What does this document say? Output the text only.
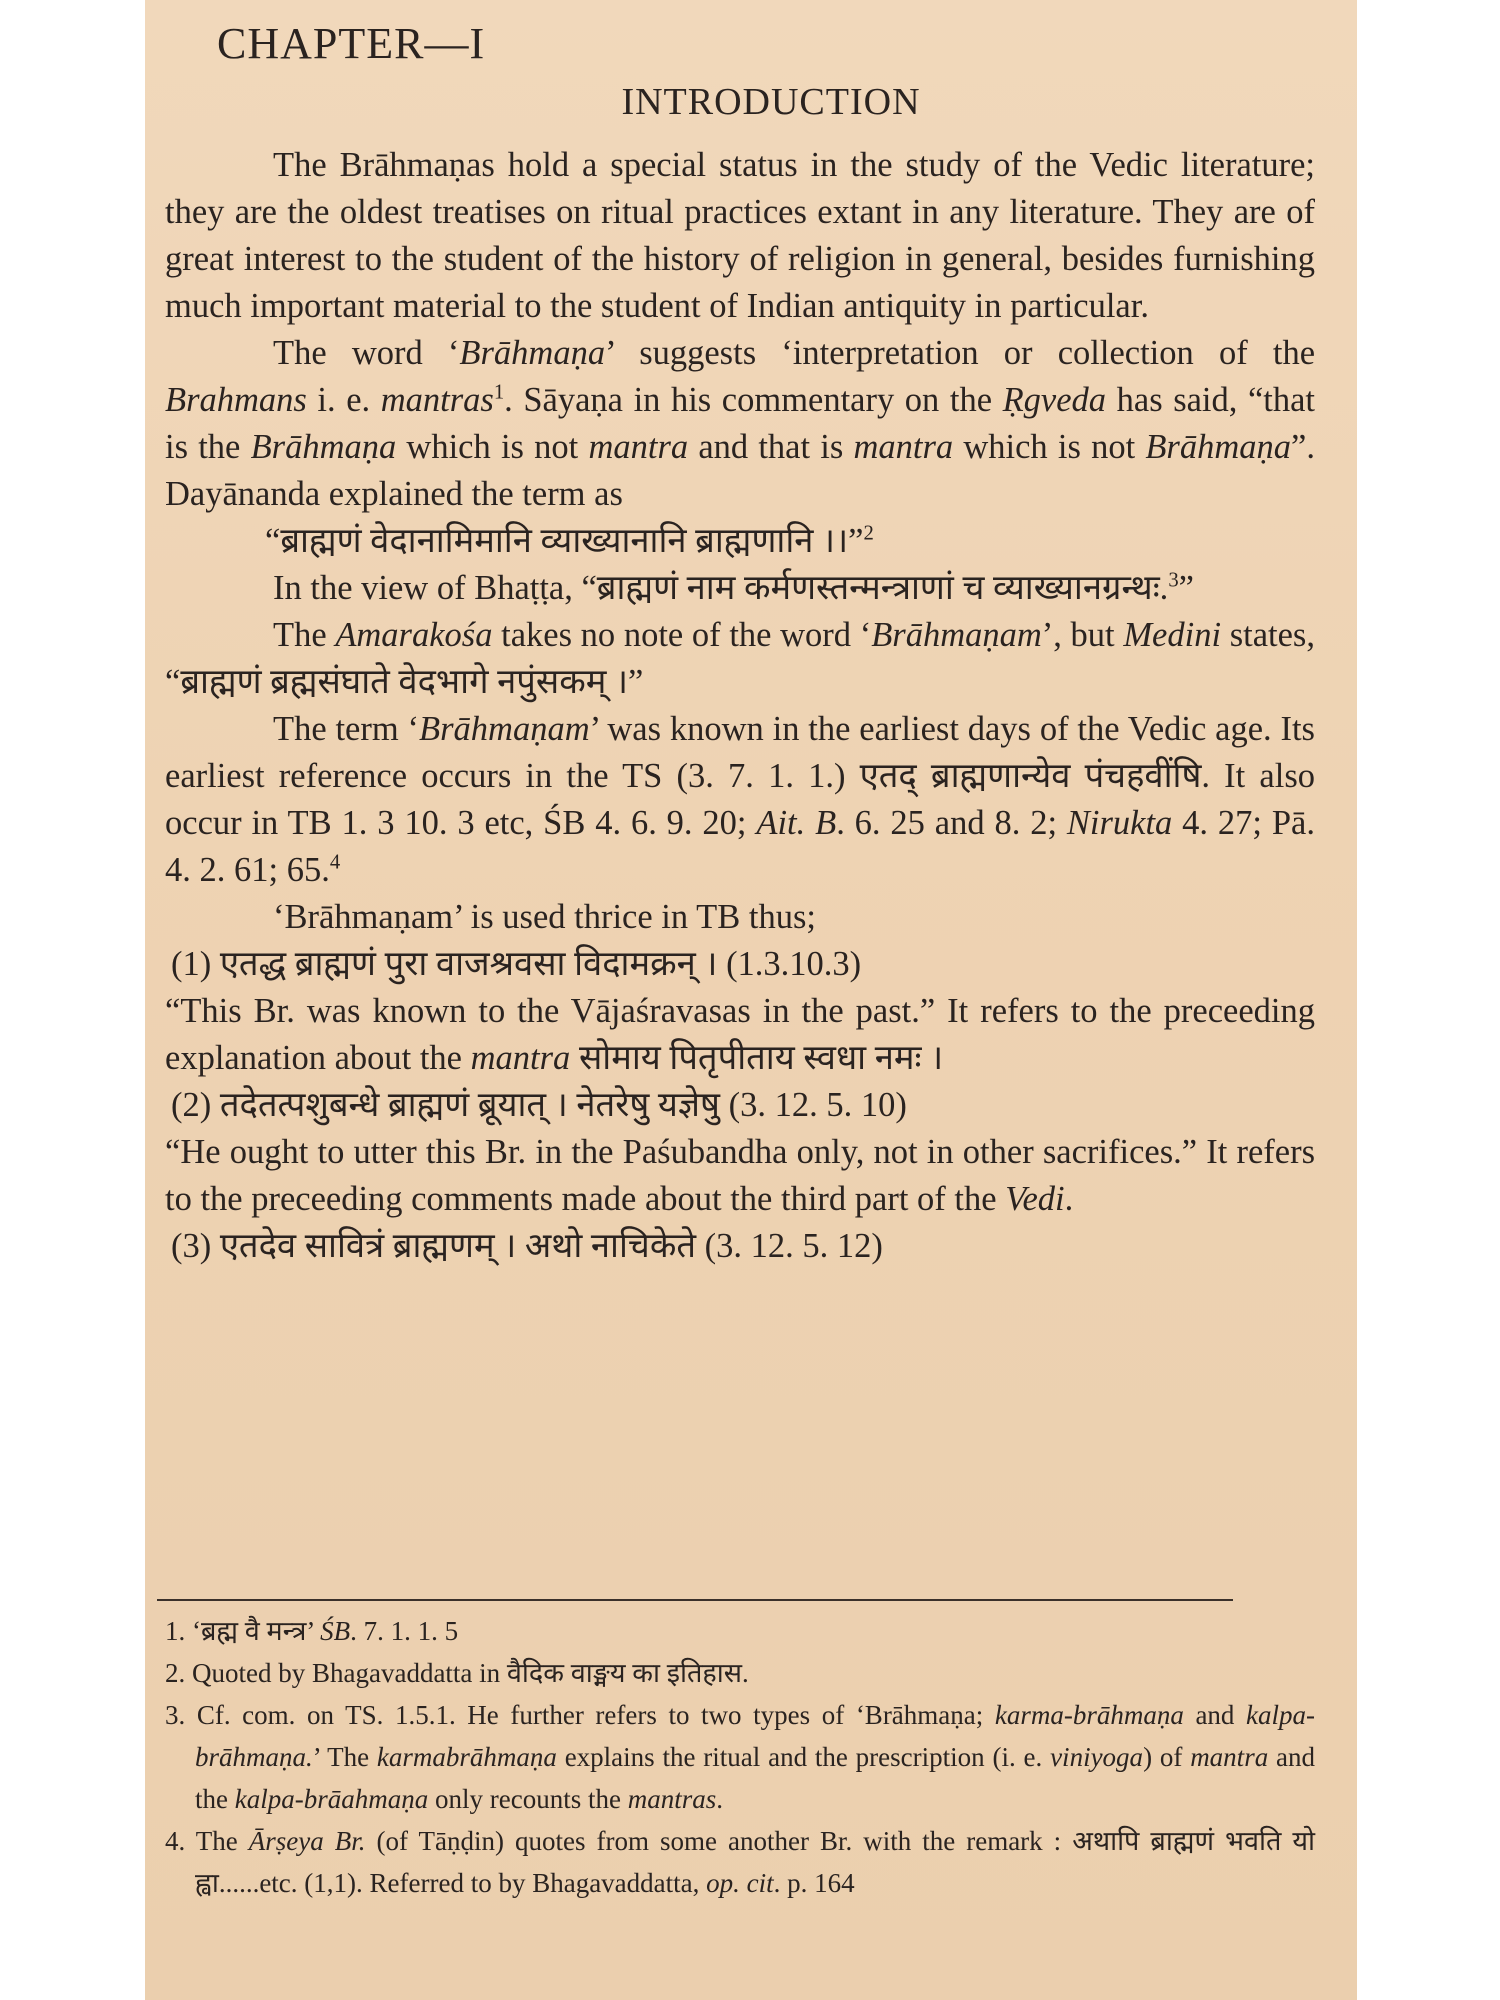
CHAPTER—I
INTRODUCTION

The Brāhmaṇas hold a special status in the study of the Vedic literature; they are the oldest treatises on ritual practices extant in any literature. They are of great interest to the student of the history of religion in general, besides furnishing much important material to the student of Indian antiquity in particular.

The word ‘Brāhmaṇa’ suggests ‘interpretation or collection of the Brahmans i. e. mantras$^1$. Sāyaṇa in his commentary on the Ṛgveda has said, “that is the Brāhmaṇa which is not mantra and that is mantra which is not Brāhmaṇa”. Dayānanda explained the term as

“ब्राह्मणं वेदानामिमानि व्याख्यानानि ब्राह्मणानि ।।”$^2$

In the view of Bhaṭṭa, “ब्राह्मणं नाम कर्मणस्तन्मन्त्राणां च व्याख्यानग्रन्थः.$^3$”

The Amarakośa takes no note of the word ‘Brāhmaṇam’, but Medini states, “ब्राह्मणं ब्रह्मसंघाते वेदभागे नपुंसकम् ।”

The term ‘Brāhmaṇam’ was known in the earliest days of the Vedic age. Its earliest reference occurs in the TS (3. 7. 1. 1.) एतद् ब्राह्मणान्येव पंचहवींषि. It also occur in TB 1. 3 10. 3 etc, ŚB 4. 6. 9. 20; Ait. B. 6. 25 and 8. 2; Nirukta 4. 27; Pā. 4. 2. 61; 65.$^4$

‘Brāhmaṇam’ is used thrice in TB thus;

(1) एतद्ध ब्राह्मणं पुरा वाजश्रवसा विदामक्रन् । (1.3.10.3)

“This Br. was known to the Vājaśravasas in the past.” It refers to the preceeding explanation about the mantra सोमाय पितृपीताय स्वधा नमः ।

(2) तदेतत्पशुबन्धे ब्राह्मणं ब्रूयात् । नेतरेषु यज्ञेषु (3. 12. 5. 10)

“He ought to utter this Br. in the Paśubandha only, not in other sacrifices.” It refers to the preceeding comments made about the third part of the Vedi.

(3) एतदेव सावित्रं ब्राह्मणम् । अथो नाचिकेते (3. 12. 5. 12)

1. ‘ब्रह्म वै मन्त्र’ ŚB. 7. 1. 1. 5

2. Quoted by Bhagavaddatta in वैदिक वाङ्मय का इतिहास.

3. Cf. com. on TS. 1.5.1. He further refers to two types of ‘Brāhmaṇa; karma-brāhmaṇa and kalpa-brāhmaṇa.’ The karmabrāhmaṇa explains the ritual and the prescription (i. e. viniyoga) of mantra and the kalpa-brāahmaṇa only recounts the mantras.

4. The Ārṣeya Br. (of Tāṇḍin) quotes from some another Br. with the remark : अथापि ब्राह्मणं भवति यो ह्वा......etc. (1,1). Referred to by Bhagavaddatta, op. cit. p. 164
